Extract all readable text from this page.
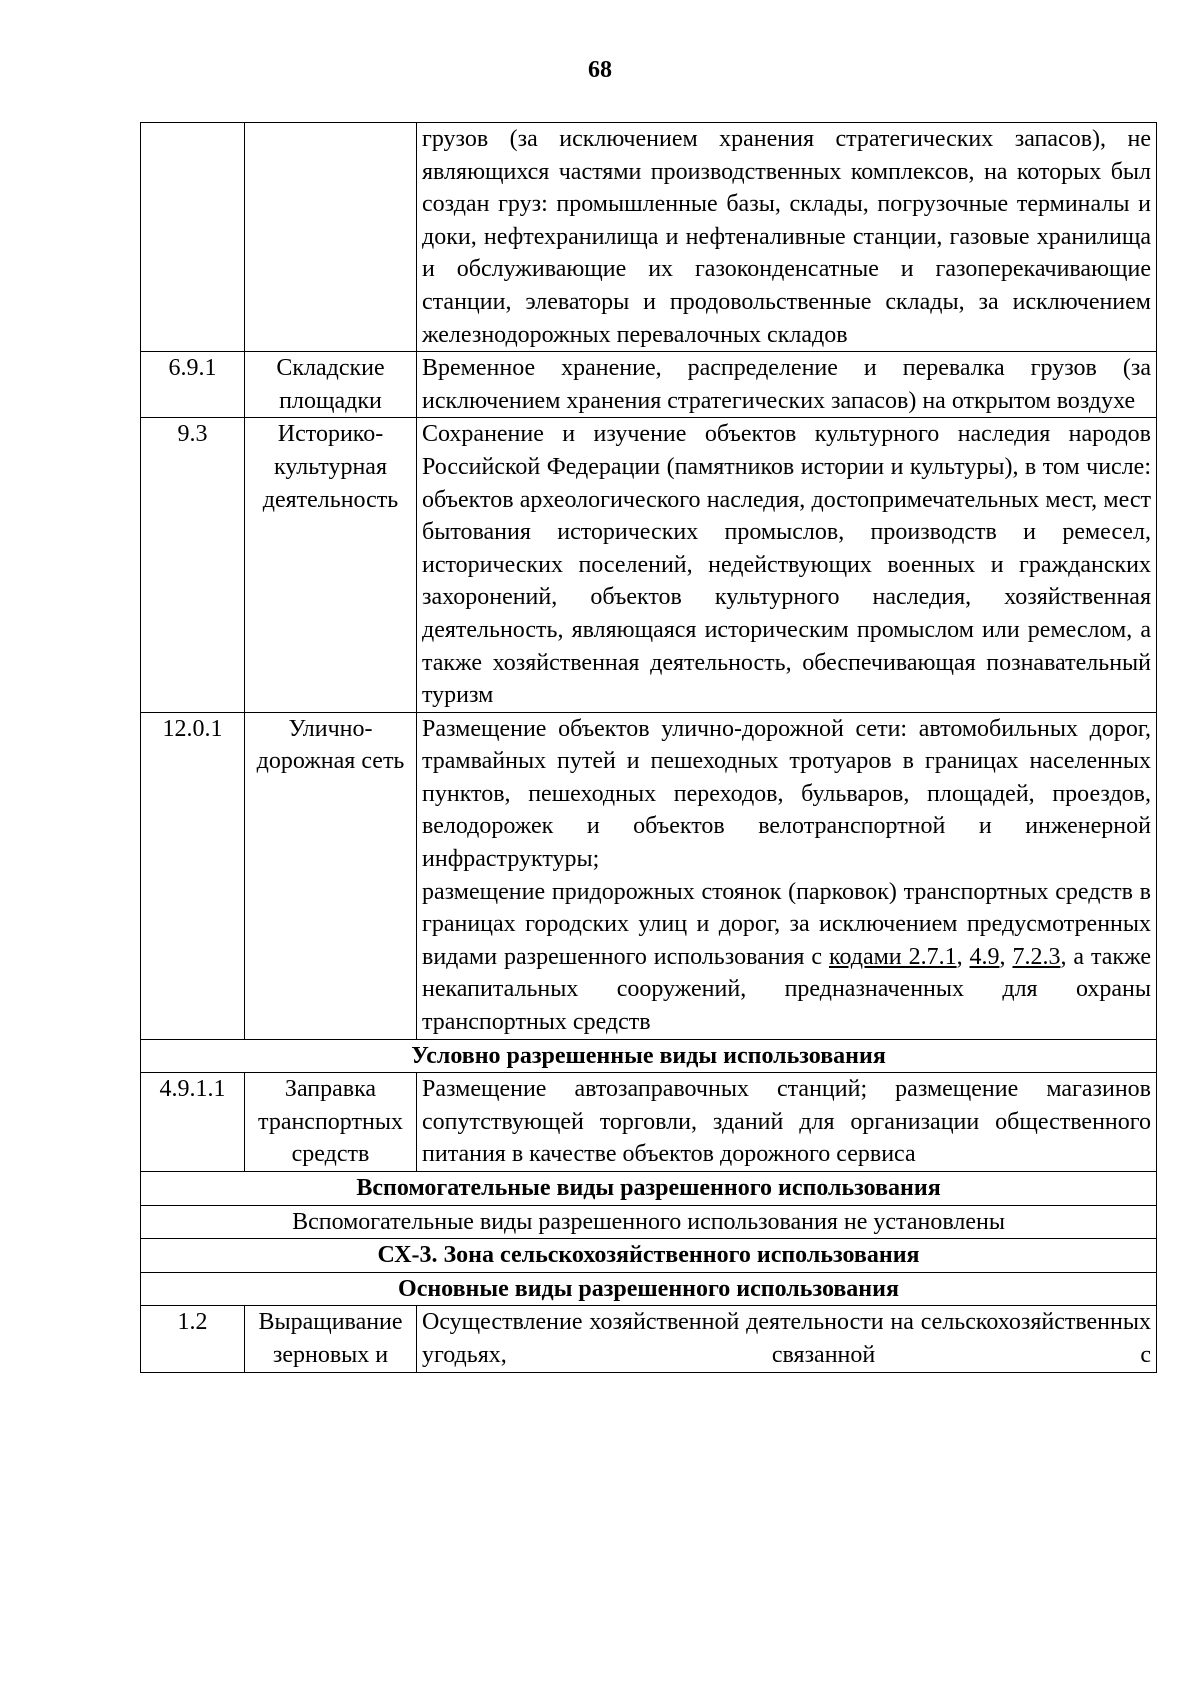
68
		грузов (за исключением хранения стратегических запасов), не являющихся частями производственных комплексов, на которых был создан груз: промышленные базы, склады, погрузочные терминалы и доки, нефтехранилища и нефтеналивные станции, газовые хранилища и обслуживающие их газоконденсатные и газоперекачивающие станции, элеваторы и продовольственные склады, за исключением железнодорожных перевалочных складов
6.9.1	Складские площадки	Временное хранение, распределение и перевалка грузов (за исключением хранения стратегических запасов) на открытом воздухе
9.3	Историко-культурная деятельность	Сохранение и изучение объектов культурного наследия народов Российской Федерации (памятников истории и культуры), в том числе: объектов археологического наследия, достопримечательных мест, мест бытования исторических промыслов, производств и ремесел, исторических поселений, недействующих военных и гражданских захоронений, объектов культурного наследия, хозяйственная деятельность, являющаяся историческим промыслом или ремеслом, а также хозяйственная деятельность, обеспечивающая познавательный туризм
12.0.1	Улично-дорожная сеть	Размещение объектов улично-дорожной сети: автомобильных дорог, трамвайных путей и пешеходных тротуаров в границах населенных пунктов, пешеходных переходов, бульваров, площадей, проездов, велодорожек и объектов велотранспортной и инженерной инфраструктуры;
размещение придорожных стоянок (парковок) транспортных средств в границах городских улиц и дорог, за исключением предусмотренных видами разрешенного использования с кодами 2.7.1, 4.9, 7.2.3, а также некапитальных сооружений, предназначенных для охраны транспортных средств

Условно разрешенные виды использования		
4.9.1.1	Заправка транспортных средств	Размещение автозаправочных станций; размещение магазинов сопутствующей торговли, зданий для организации общественного питания в качестве объектов дорожного сервиса
Вспомогательные виды разрешенного использования		
Вспомогательные виды разрешенного использования не установлены		
СХ-3. Зона сельскохозяйственного использования		
Основные виды разрешенного использования		
1.2	Выращивание зерновых и	Осуществление хозяйственной деятельности на сельскохозяйственных угодьях, связанной с
